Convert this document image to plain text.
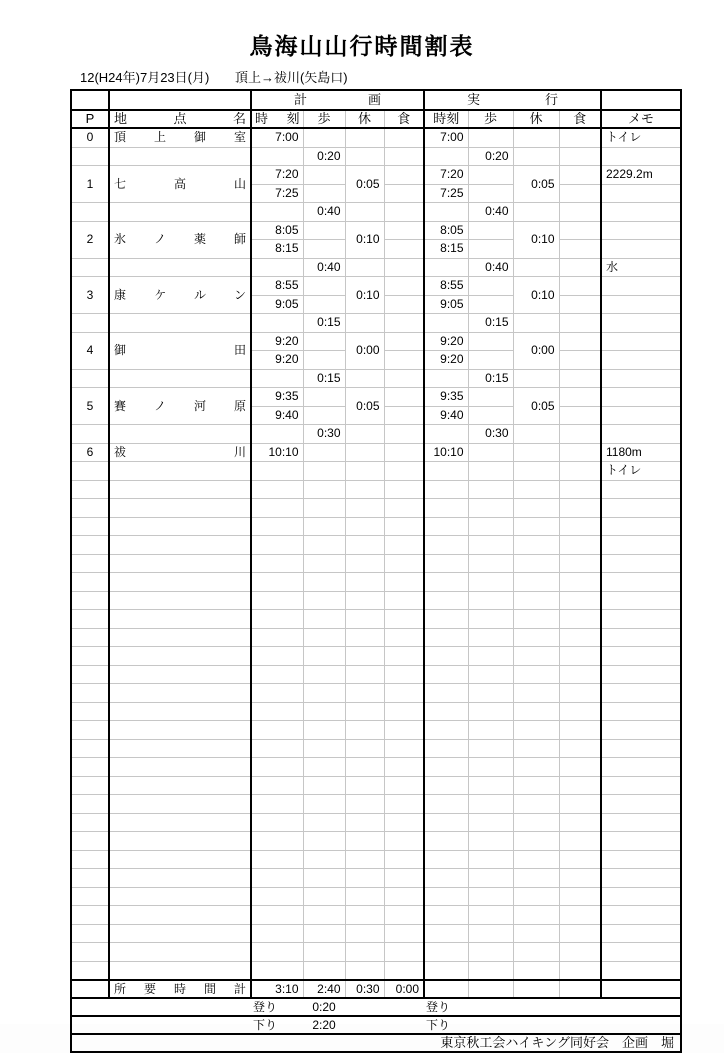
鳥海山山行時間割表
12(H24年)7月23日(月) 頂上→祓川(矢島口)
		計画				実行				
P	地点名	時刻	歩	休	食	時刻	歩	休	食	メモ
0	頂上御室	7:00				7:00				トイレ
			0:20				0:20			
1	七高山	7:20		0:05		7:20		0:05		2229.2m
		7:25				7:25				
			0:40				0:40			
2	氷ノ薬師	8:05		0:10		8:05		0:10		
		8:15				8:15				
			0:40				0:40			水
3	康ケルン	8:55		0:10		8:55		0:10		
		9:05				9:05				
			0:15				0:15			
4	御田	9:20		0:00		9:20		0:00		
		9:20				9:20				
			0:15				0:15			
5	賽ノ河原	9:35		0:05		9:35		0:05		
		9:40				9:40				
			0:30				0:30			
6	祓川	10:10				10:10				1180m
										トイレ

	所要時間計	3:10	2:40	0:30	0:00					
		登り	0:20			登り				
		下り	2:20			下り				
東京秋工会ハイキング同好会　企画　堀										
